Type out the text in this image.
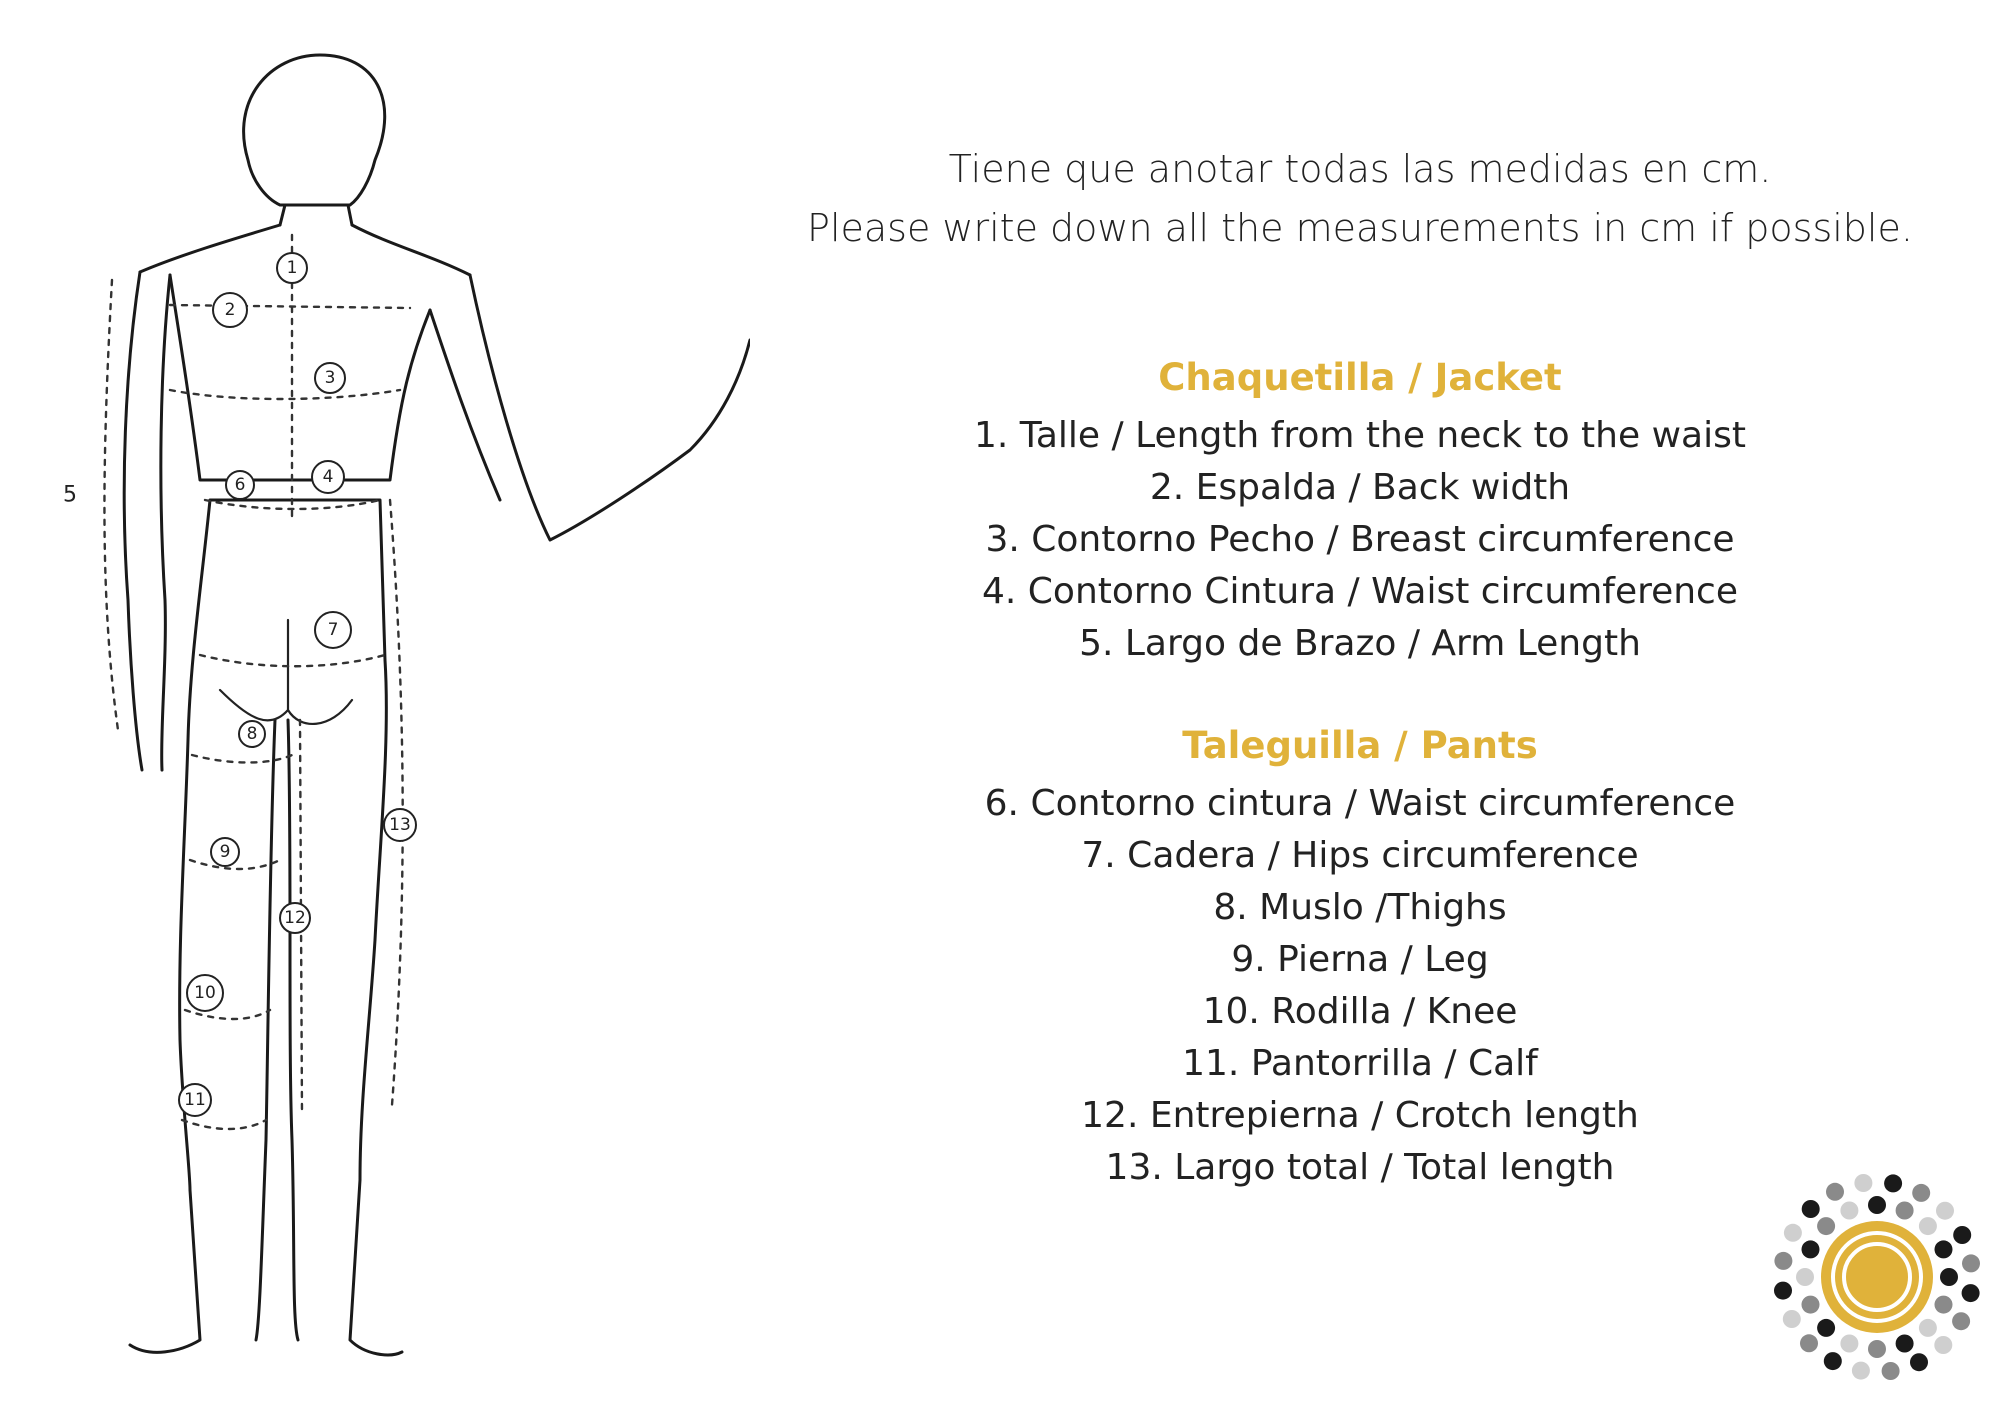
1
2
3
4
5	6
7
8
9
10
11
12
13

Tiene que anotar todas las medidas en cm.

Please write down all the measurements in cm if possible.

Chaquetilla / Jacket

1. Talle / Length from the neck to the waist

2. Espalda / Back width

3. Contorno Pecho / Breast circumference

4. Contorno Cintura / Waist circumference

5. Largo de Brazo / Arm Length

Taleguilla / Pants

6. Contorno cintura / Waist circumference

7. Cadera / Hips circumference

8. Muslo /Thighs

9. Pierna / Leg

10. Rodilla / Knee

11. Pantorrilla / Calf

12. Entrepierna / Crotch length

13. Largo total / Total length
